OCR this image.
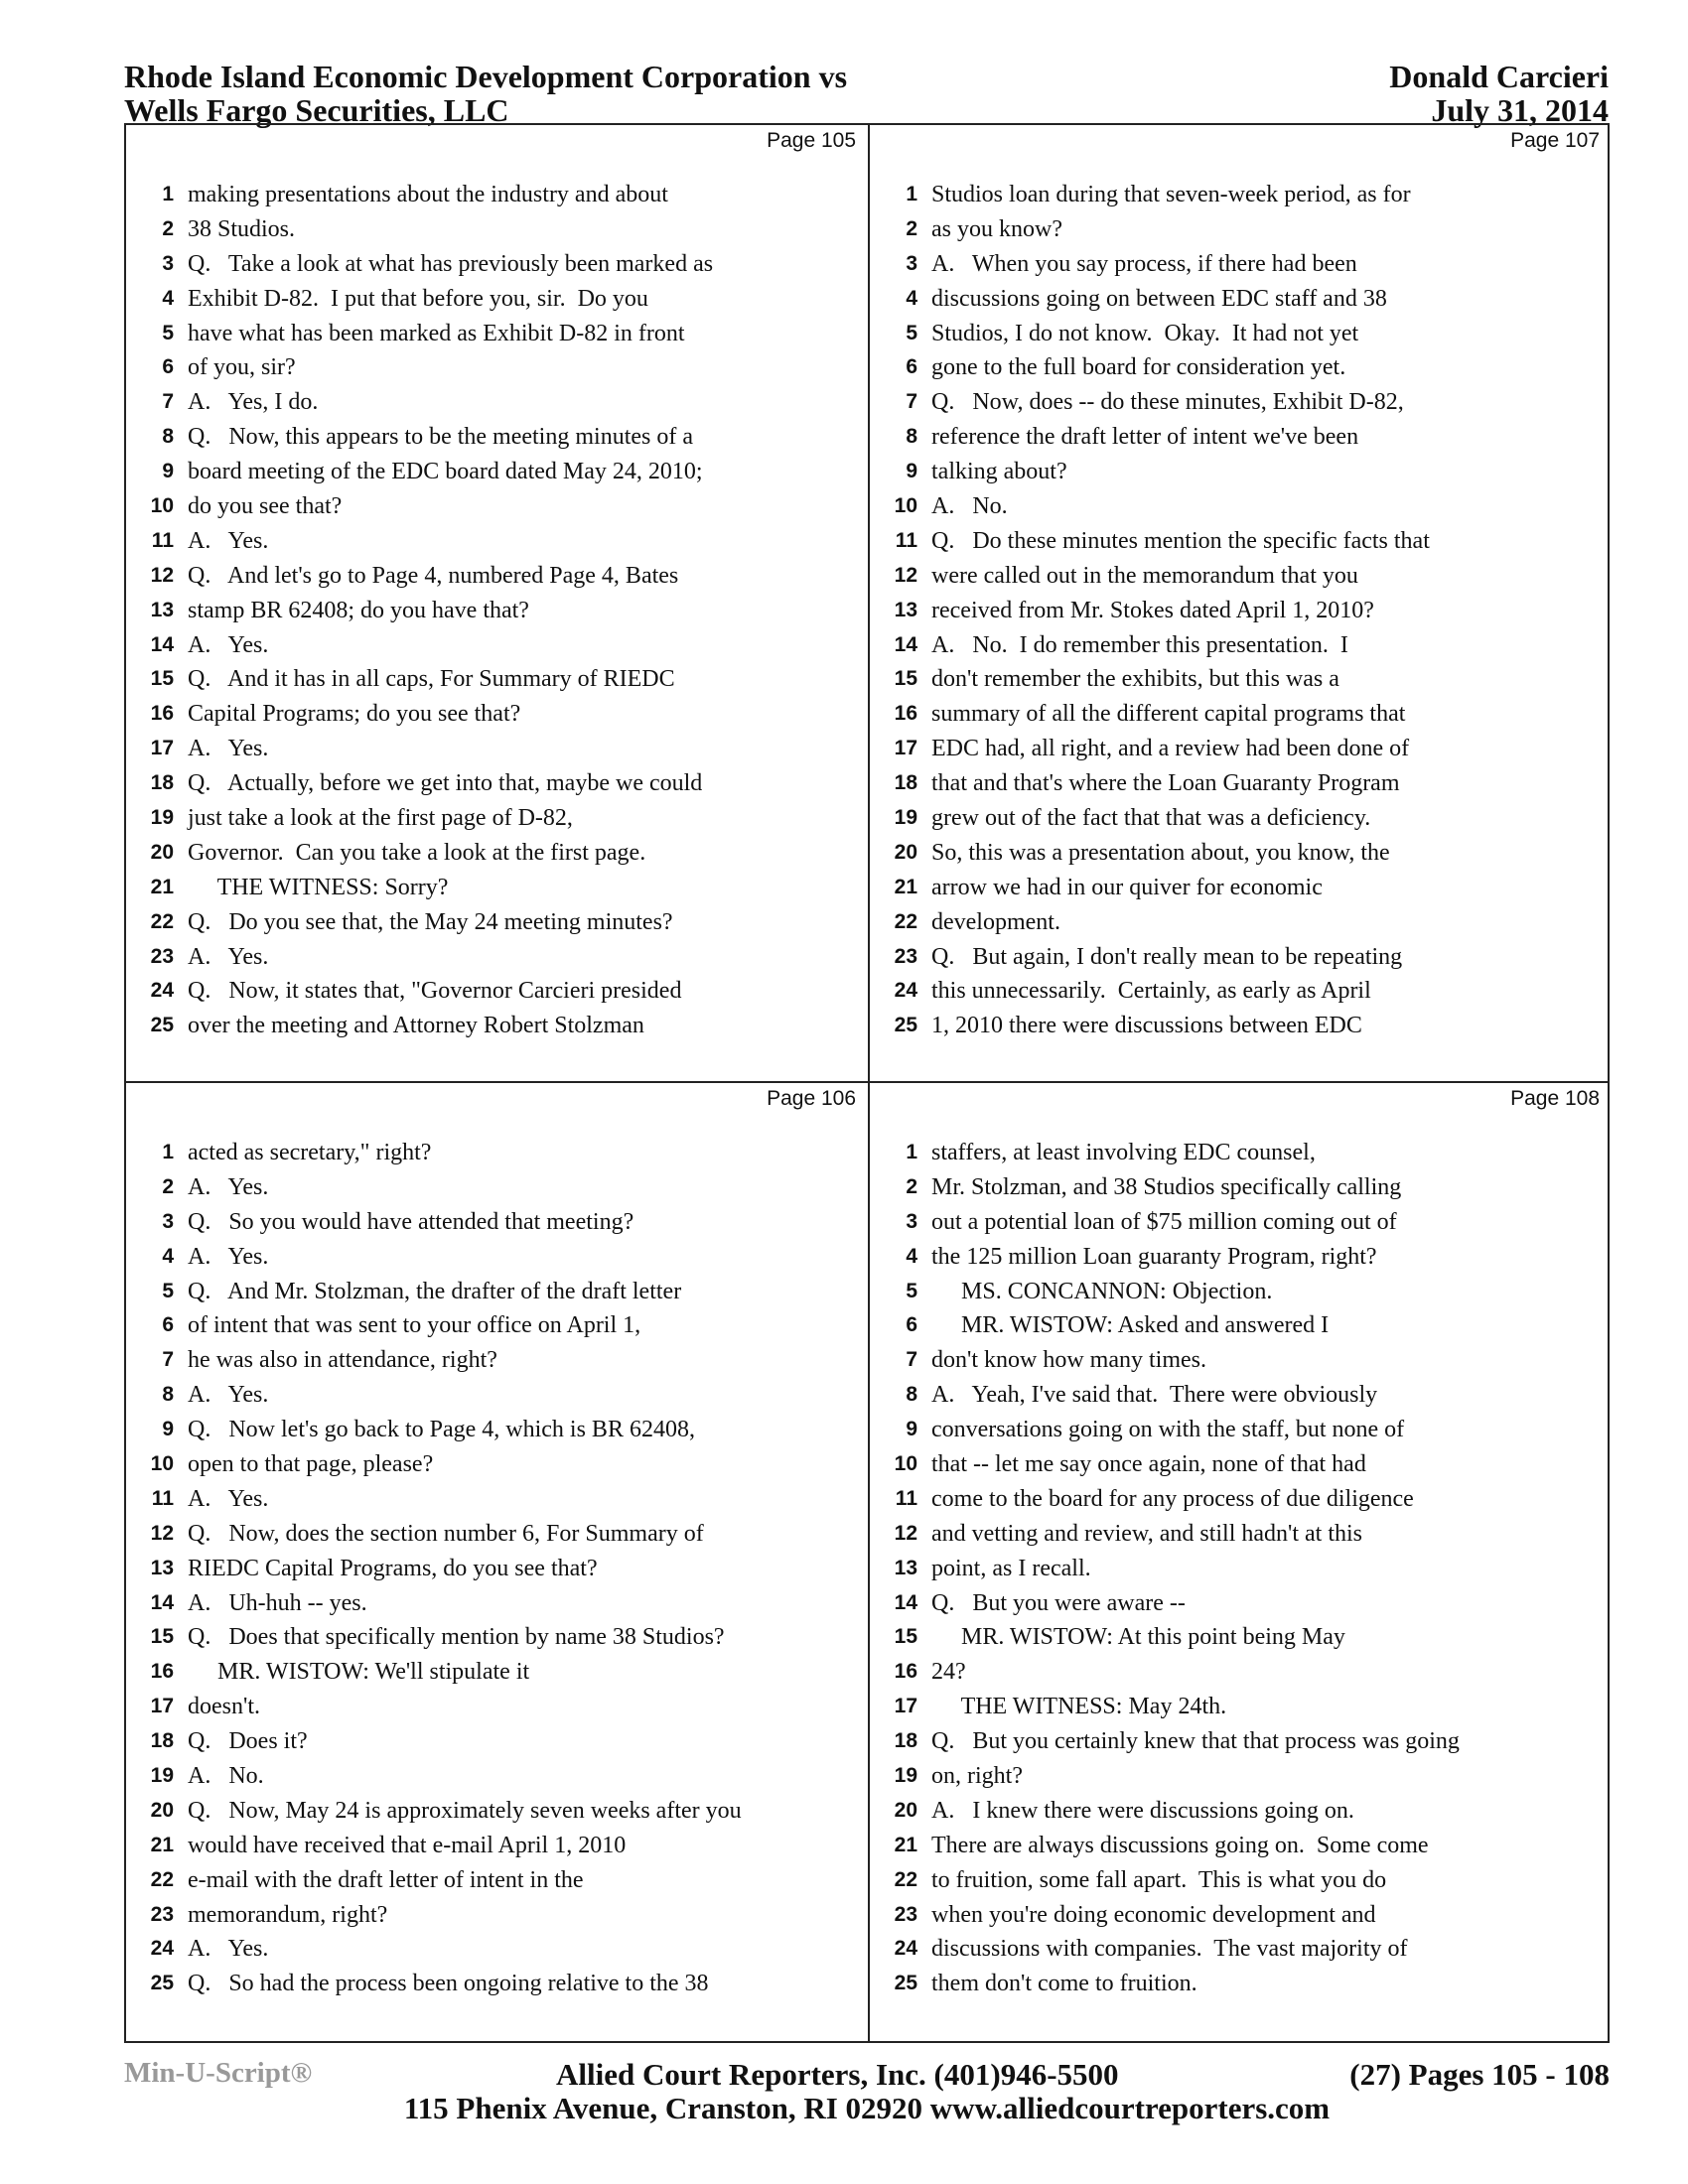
Rhode Island Economic Development Corporation vs
Wells Fargo Securities, LLC
Donald Carcieri
July 31, 2014
Page 105
1 making presentations about the industry and about
2 38 Studios.
3 Q.   Take a look at what has previously been marked as
4 Exhibit D-82.  I put that before you, sir.  Do you
5 have what has been marked as Exhibit D-82 in front
6 of you, sir?
7 A.   Yes, I do.
8 Q.   Now, this appears to be the meeting minutes of a
9 board meeting of the EDC board dated May 24, 2010;
10 do you see that?
11 A.   Yes.
12 Q.   And let's go to Page 4, numbered Page 4, Bates
13 stamp BR 62408; do you have that?
14 A.   Yes.
15 Q.   And it has in all caps, For Summary of RIEDC
16 Capital Programs; do you see that?
17 A.   Yes.
18 Q.   Actually, before we get into that, maybe we could
19 just take a look at the first page of D-82,
20 Governor.  Can you take a look at the first page.
21 THE WITNESS: Sorry?
22 Q.   Do you see that, the May 24 meeting minutes?
23 A.   Yes.
24 Q.   Now, it states that, "Governor Carcieri presided
25 over the meeting and Attorney Robert Stolzman
Page 107
1 Studios loan during that seven-week period, as for
2 as you know?
3 A.   When you say process, if there had been
4 discussions going on between EDC staff and 38
5 Studios, I do not know.  Okay.  It had not yet
6 gone to the full board for consideration yet.
7 Q.   Now, does -- do these minutes, Exhibit D-82,
8 reference the draft letter of intent we've been
9 talking about?
10 A.   No.
11 Q.   Do these minutes mention the specific facts that
12 were called out in the memorandum that you
13 received from Mr. Stokes dated April 1, 2010?
14 A.   No.  I do remember this presentation.  I
15 don't remember the exhibits, but this was a
16 summary of all the different capital programs that
17 EDC had, all right, and a review had been done of
18 that and that's where the Loan Guaranty Program
19 grew out of the fact that that was a deficiency.
20 So, this was a presentation about, you know, the
21 arrow we had in our quiver for economic
22 development.
23 Q.   But again, I don't really mean to be repeating
24 this unnecessarily.  Certainly, as early as April
25 1, 2010 there were discussions between EDC
Page 106
1 acted as secretary," right?
2 A.   Yes.
3 Q.   So you would have attended that meeting?
4 A.   Yes.
5 Q.   And Mr. Stolzman, the drafter of the draft letter
6 of intent that was sent to your office on April 1,
7 he was also in attendance, right?
8 A.   Yes.
9 Q.   Now let's go back to Page 4, which is BR 62408,
10 open to that page, please?
11 A.   Yes.
12 Q.   Now, does the section number 6, For Summary of
13 RIEDC Capital Programs, do you see that?
14 A.   Uh-huh -- yes.
15 Q.   Does that specifically mention by name 38 Studios?
16 MR. WISTOW: We'll stipulate it
17 doesn't.
18 Q.   Does it?
19 A.   No.
20 Q.   Now, May 24 is approximately seven weeks after you
21 would have received that e-mail April 1, 2010
22 e-mail with the draft letter of intent in the
23 memorandum, right?
24 A.   Yes.
25 Q.   So had the process been ongoing relative to the 38
Page 108
1 staffers, at least involving EDC counsel,
2 Mr. Stolzman, and 38 Studios specifically calling
3 out a potential loan of $75 million coming out of
4 the 125 million Loan guaranty Program, right?
5 MS. CONCANNON: Objection.
6 MR. WISTOW: Asked and answered I
7 don't know how many times.
8 A.   Yeah, I've said that.  There were obviously
9 conversations going on with the staff, but none of
10 that -- let me say once again, none of that had
11 come to the board for any process of due diligence
12 and vetting and review, and still hadn't at this
13 point, as I recall.
14 Q.   But you were aware --
15 MR. WISTOW: At this point being May
16 24?
17 THE WITNESS: May 24th.
18 Q.   But you certainly knew that that process was going
19 on, right?
20 A.   I knew there were discussions going on.
21 There are always discussions going on.  Some come
22 to fruition, some fall apart.  This is what you do
23 when you're doing economic development and
24 discussions with companies.  The vast majority of
25 them don't come to fruition.
Min-U-Script®	Allied Court Reporters, Inc. (401)946-5500	(27) Pages 105 - 108
115 Phenix Avenue, Cranston, RI 02920 www.alliedcourtreporters.com
